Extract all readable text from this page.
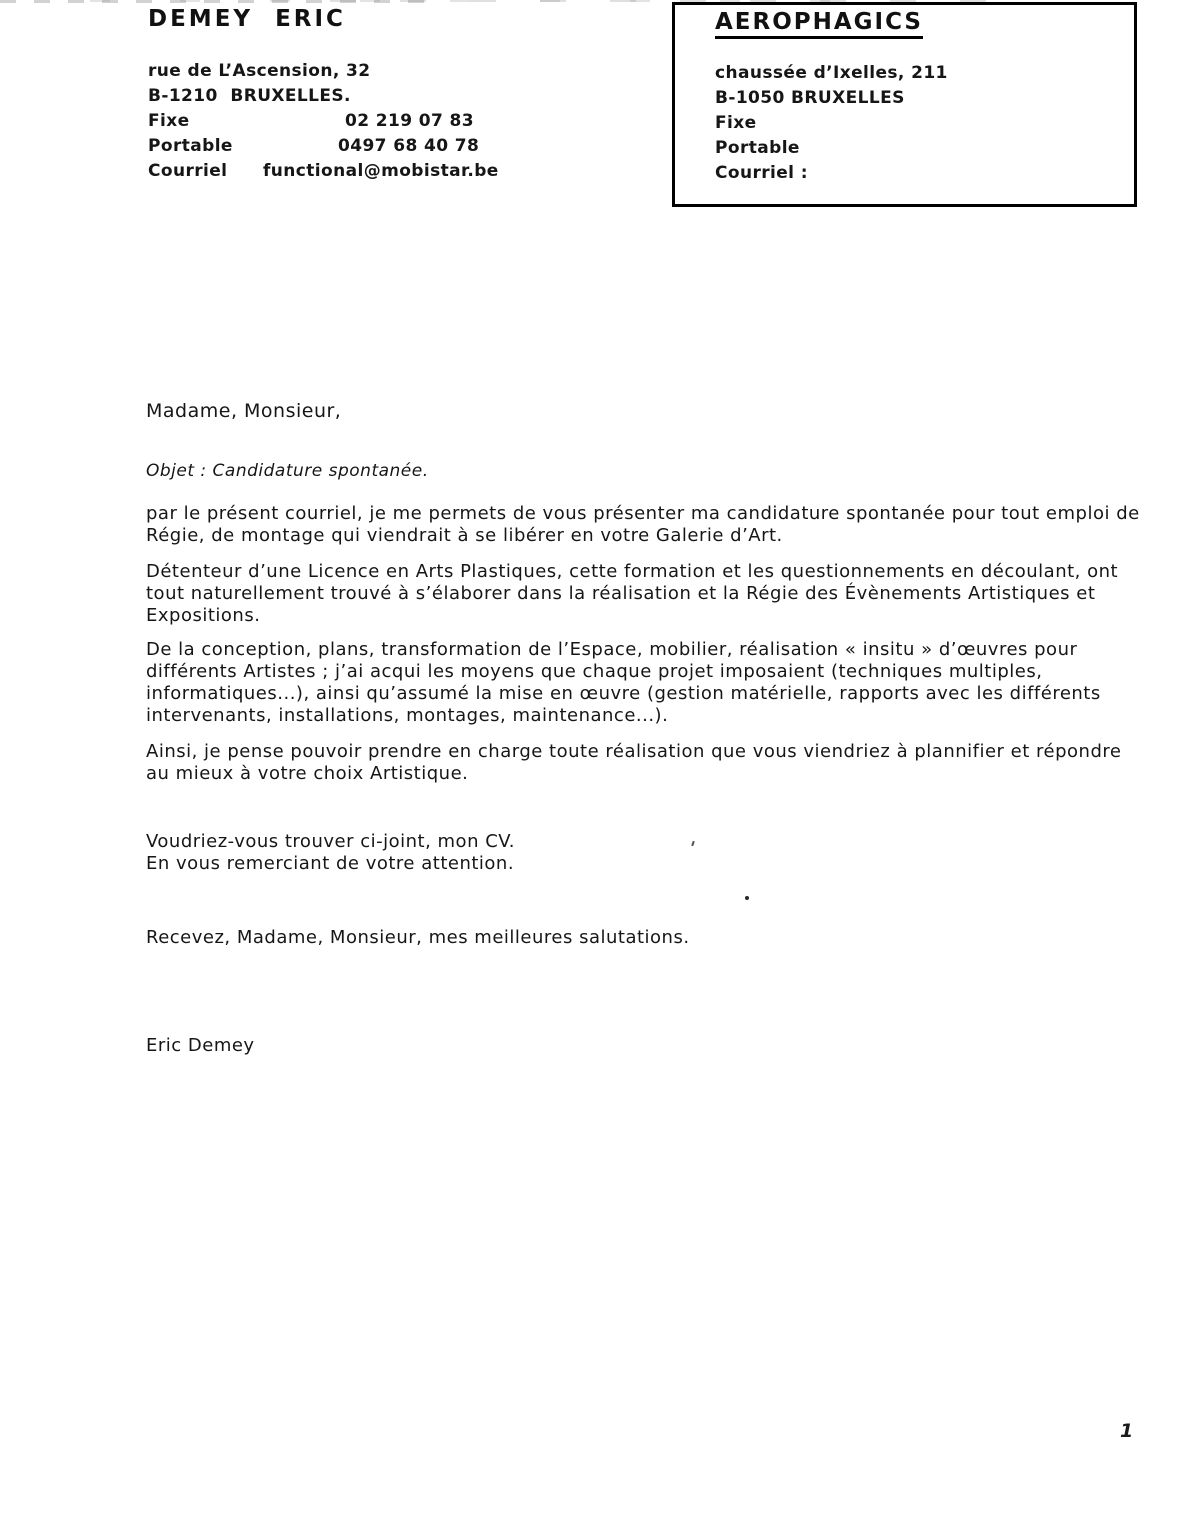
DEMEY  ERIC
rue de L’Ascension, 32
B-1210  BRUXELLES.
Fixe	02 219 07 83
Portable	0497 68 40 78
Courriel functional@mobistar.be
AEROPHAGICS
chaussée d’Ixelles, 211
B-1050 BRUXELLES
Fixe
Portable
Courriel :

Madame, Monsieur,

Objet : Candidature spontanée.

par le présent courriel, je me permets de vous présenter ma candidature spontanée pour tout emploi de Régie, de montage qui viendrait à se libérer en votre Galerie d’Art.

Détenteur d’une Licence en Arts Plastiques, cette formation et les questionnements en découlant, ont tout naturellement trouvé à s’élaborer dans la réalisation et la Régie des Évènements Artistiques et Expositions.

De la conception, plans, transformation de l’Espace, mobilier, réalisation « insitu » d’œuvres pour différents Artistes ; j’ai acqui les moyens que chaque projet imposaient (techniques multiples, informatiques...), ainsi qu’assumé la mise en œuvre (gestion matérielle, rapports avec les différents intervenants, installations, montages, maintenance...).

Ainsi, je pense pouvoir prendre en charge toute réalisation que vous viendriez à plannifier et répondre au mieux à votre choix Artistique.

Voudriez-vous trouver ci-joint, mon CV.

En vous remerciant de votre attention.

Recevez, Madame, Monsieur, mes meilleures salutations.

Eric Demey

1
